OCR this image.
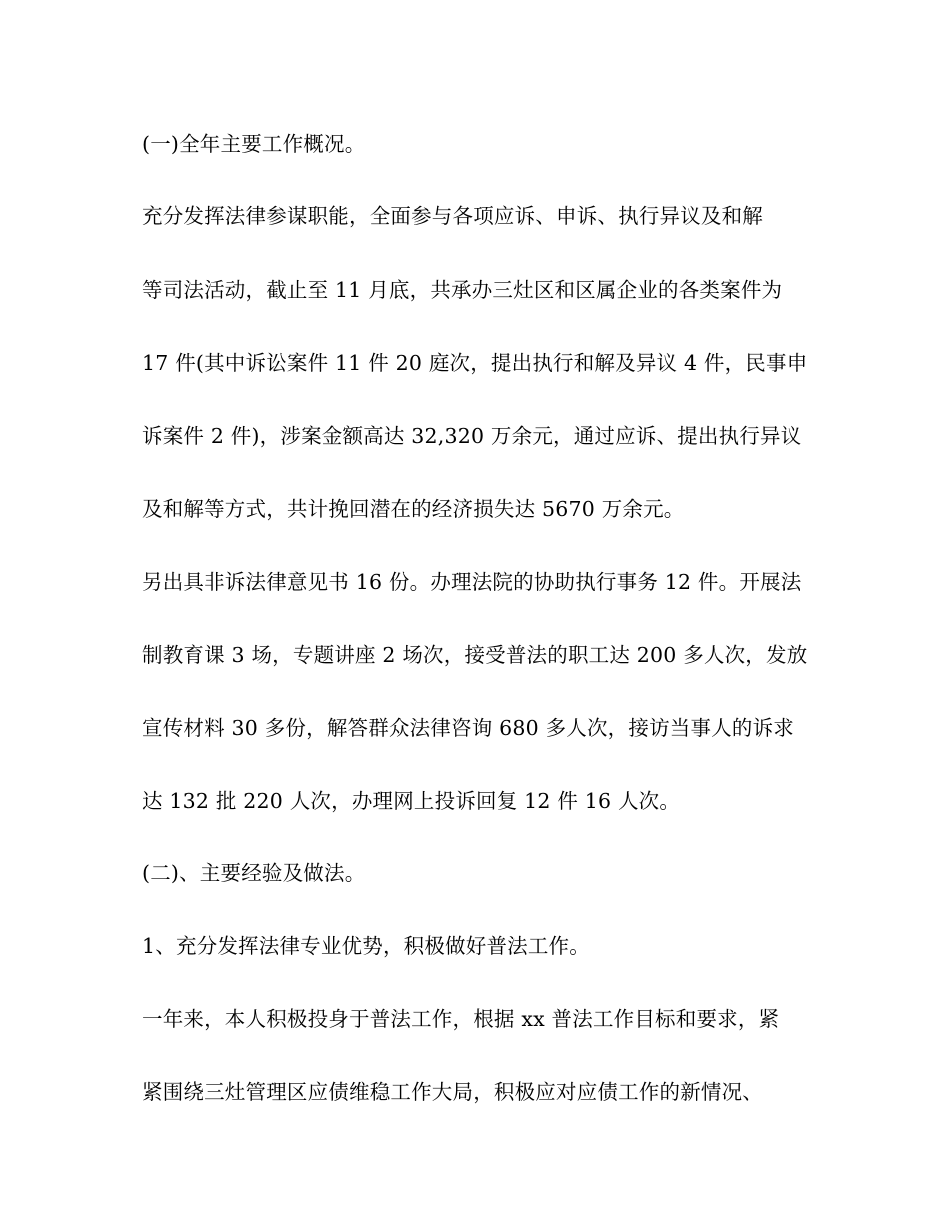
(一)全年主要工作概况。
充分发挥法律参谋职能，全面参与各项应诉、申诉、执行异议及和解
等司法活动，截止至 11 月底，共承办三灶区和区属企业的各类案件为
17 件(其中诉讼案件 11 件 20 庭次，提出执行和解及异议 4 件，民事申
诉案件 2 件)，涉案金额高达 32,320 万余元，通过应诉、提出执行异议
及和解等方式，共计挽回潜在的经济损失达 5670 万余元。
另出具非诉法律意见书 16 份。办理法院的协助执行事务 12 件。开展法
制教育课 3 场，专题讲座 2 场次，接受普法的职工达 200 多人次，发放
宣传材料 30 多份，解答群众法律咨询 680 多人次，接访当事人的诉求
达 132 批 220 人次，办理网上投诉回复 12 件 16 人次。
(二)、主要经验及做法。
1、充分发挥法律专业优势，积极做好普法工作。
一年来，本人积极投身于普法工作，根据 xx 普法工作目标和要求，紧
紧围绕三灶管理区应债维稳工作大局，积极应对应债工作的新情况、
